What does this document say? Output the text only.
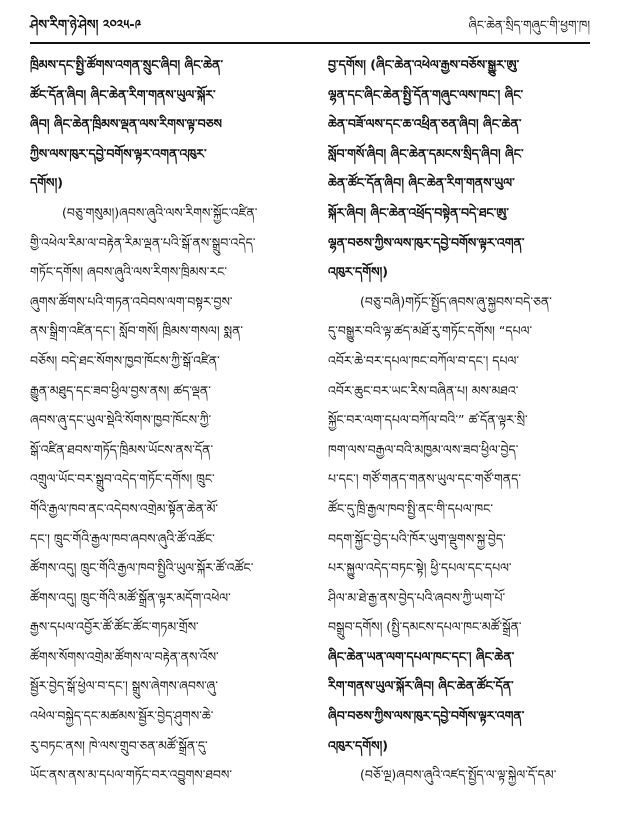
ཤེས་རིག་ཉེ་ཤེས། ༢༠༢༥-༩	ཞིང་ཆེན་སྲིད་གཞུང་གི་ཕྱག་ཁ།
ཁྲིམས་དང་སྤྱི་ཚོགས་འགན་སྲུང་ཞིབ། ཞིང་ཆེན་
ཚོང་དོན་ཞིབ། ཞིང་ཆེན་རིག་གནས་ཡུལ་སྐོར་
ཞིབ། ཞིང་ཆེན་ཁྲིམས་ལྡན་ལས་རིགས་ལྟ་བཅས
ཀྱིས་ལས་ཁུར་དབྱེ་བགོས་ལྟར་འགན་འཁུར་
དགོས།)
(བཅུ་གསུམ།)ཞབས་ཞུའི་ལས་རིགས་སྐྱོང་འཛིན་
གྱི་འཕེལ་རིམ་ལ་བརྟེན་རིམ་ལྡན་པའི་སྒོ་ནས་སྒྲུབ་འདེད་
གཏོང་དགོས། ཞབས་ཞུའི་ལས་རིགས་ཁྲིམས་རང་
ཞུགས་ཚོགས་པའི་གཏན་འབེབས་ལག་བསྟར་བྱས་
ནས་སྒྲིག་འཛིན་དང་། སློབ་གསོ། ཁྲིམས་གསལ། སྨན་
བཅོས། བདེ་ཐང་སོགས་ཁྱབ་ཁོངས་ཀྱི་སྒོ་འཛིན་
རྒྱུན་མཐུད་དང་ཟབ་ཕྱིལ་བྱས་ནས། ཚད་ལྡན་
ཞབས་ཞུ་དང་ཡུལ་སྡེའི་སོགས་ཁྱབ་ཁོངས་ཀྱི་
སྒོ་འཛིན་ཐབས་གཏོད་ཁྲིམས་ཡོངས་ནས་དོན་
འགྲུལ་ཡོང་བར་སྒྲུབ་འདེད་གཏོང་དགོས། ཁྲུང་
གོའི་རྒྱལ་ཁབ་ནང་འདེབས་འགྲེམ་སྟོན་ཆེན་མོ་
དང་། ཁྲུང་གོའི་རྒྱལ་ཁབ་ཞབས་ཞུའི་ཚོ་འཚོང་
ཚོགས་འདུ། ཁྲུང་གོའི་རྒྱལ་ཁབ་སྤྱིའི་ཡུལ་སྐོར་ཚོ་འཚོང་
ཚོགས་འདུ། ཁྲུང་གོའི་མཚོ་སྒྲོན་ལྟར་མདོག་འཕེལ་
རྒྱས་དཔལ་འབྱོར་ཚོ་ཚོང་ཚོང་གཏམ་གྲོས་
ཚོགས་སོགས་འགྲེམ་ཚོགས་ལ་བརྟེན་ནས་འོས་
སྦྱོར་བྱེད་སྒོ་ཕྱེལ་བ་དང་། སྒྲུས་ཞེགས་ཞབས་ཞུ་
འཕེལ་བསྐྱེད་དང་མཚམས་སྦྱོར་བྱེད་ཤུགས་ཆེ་
རུ་བཏང་ནས། ཁེ་ལས་གྲུབ་ཅན་མཚོ་སྒྲོན་དུ་
ཡོང་ནས་ནས་མ་དཔལ་གཏོང་བར་འབྱུགས་ཐབས་
བྱ་དགོས། (ཞིང་ཆེན་འཕེལ་རྒྱས་བཅོས་སྒྱུར་ཨུ་
ལྷན་དང་ཞིང་ཆེན་སྤྱི་དོན་གཞུང་ལས་ཁང་། ཞིང་
ཆེན་བཟོ་ལས་དང་ཆ་འཕྲིན་ཅན་ཞིབ། ཞིང་ཆེན་
སློབ་གསོ་ཞིབ། ཞིང་ཆེན་དམངས་སྲིད་ཞིབ། ཞིང་
ཆེན་ཚོང་དོན་ཞིབ། ཞིང་ཆེན་རིག་གནས་ཡུལ་
སྐོར་ཞིབ། ཞིང་ཆེན་འཕྲོད་བསྟེན་བདེ་ཐང་ཨུ་
ལྷན་བཅས་ཀྱིས་ལས་ཁུར་དབྱེ་བགོས་ལྟར་འགན་
འཁུར་དགོས།)
(བཅུ་བཞི)གཏོང་སྤྱོད་ཞབས་ཞུ་སྐྱབས་བདེ་ཅན་
དུ་བསྒྱུར་བའི་ལྟ་ཚད་མཐོ་རུ་གཏོང་དགོས། “དཔལ་
འབོར་ཆེ་བར་དཔལ་ཁང་བཀོལ་བ་དང་། དཔལ་
འབོར་ཆུང་བར་ཡང་རིས་བཞིན་པ། མས་མཐའ་
སྐྱོང་བར་ལག་དཔལ་བཀོལ་བའི་” ཚ་དོན་ལྟར་སྲི་
ཁག་ལས་བརྒྱལ་བའི་མཁྱམ་ལས་ཟབ་ཕྱིལ་བྱེད་
པ་དང་། གཙོ་གནད་གནས་ཡུལ་དང་གཙོ་གནད་
ཚོང་དུ་ཁྲི་རྒྱལ་ཁབ་སྤྱི་ནང་གི་དཔལ་ཁང་
བདག་སྐྱོང་བྱེད་པའི་ཁོར་ཡུག་ལྡུགས་སྐྱ་བྱེད་
པར་སྐྱུལ་འདེད་བཏང་སྟེ། ཕྱི་དཔལ་དང་དཔལ་
ཤིལ་མ་ཐེ་རྒྱ་ནས་བྱེད་པའི་ཞབས་ཀྱི་ཡག་པོ་
བསྒྲུབ་དགོས། (སྤྱི་དམངས་དཔལ་ཁང་མཚོ་སྒྲོན་
ཞིང་ཆེན་ཡན་ལག་དཔལ་ཁང་དང་། ཞིང་ཆེན་
རིག་གནས་ཡུལ་སྐོར་ཞིབ། ཞིང་ཆེན་ཚོང་དོན་
ཞིབ་བཅས་ཀྱིས་ལས་ཁུར་དབྱེ་བགོས་ལྟར་འགན་
འཁུར་དགོས།)
(བཅོ་ལྔ)ཞབས་ཞུའི་འཛད་སྤྱོད་ལ་ལྟ་སྐྱེལ་དོ་དམ་
